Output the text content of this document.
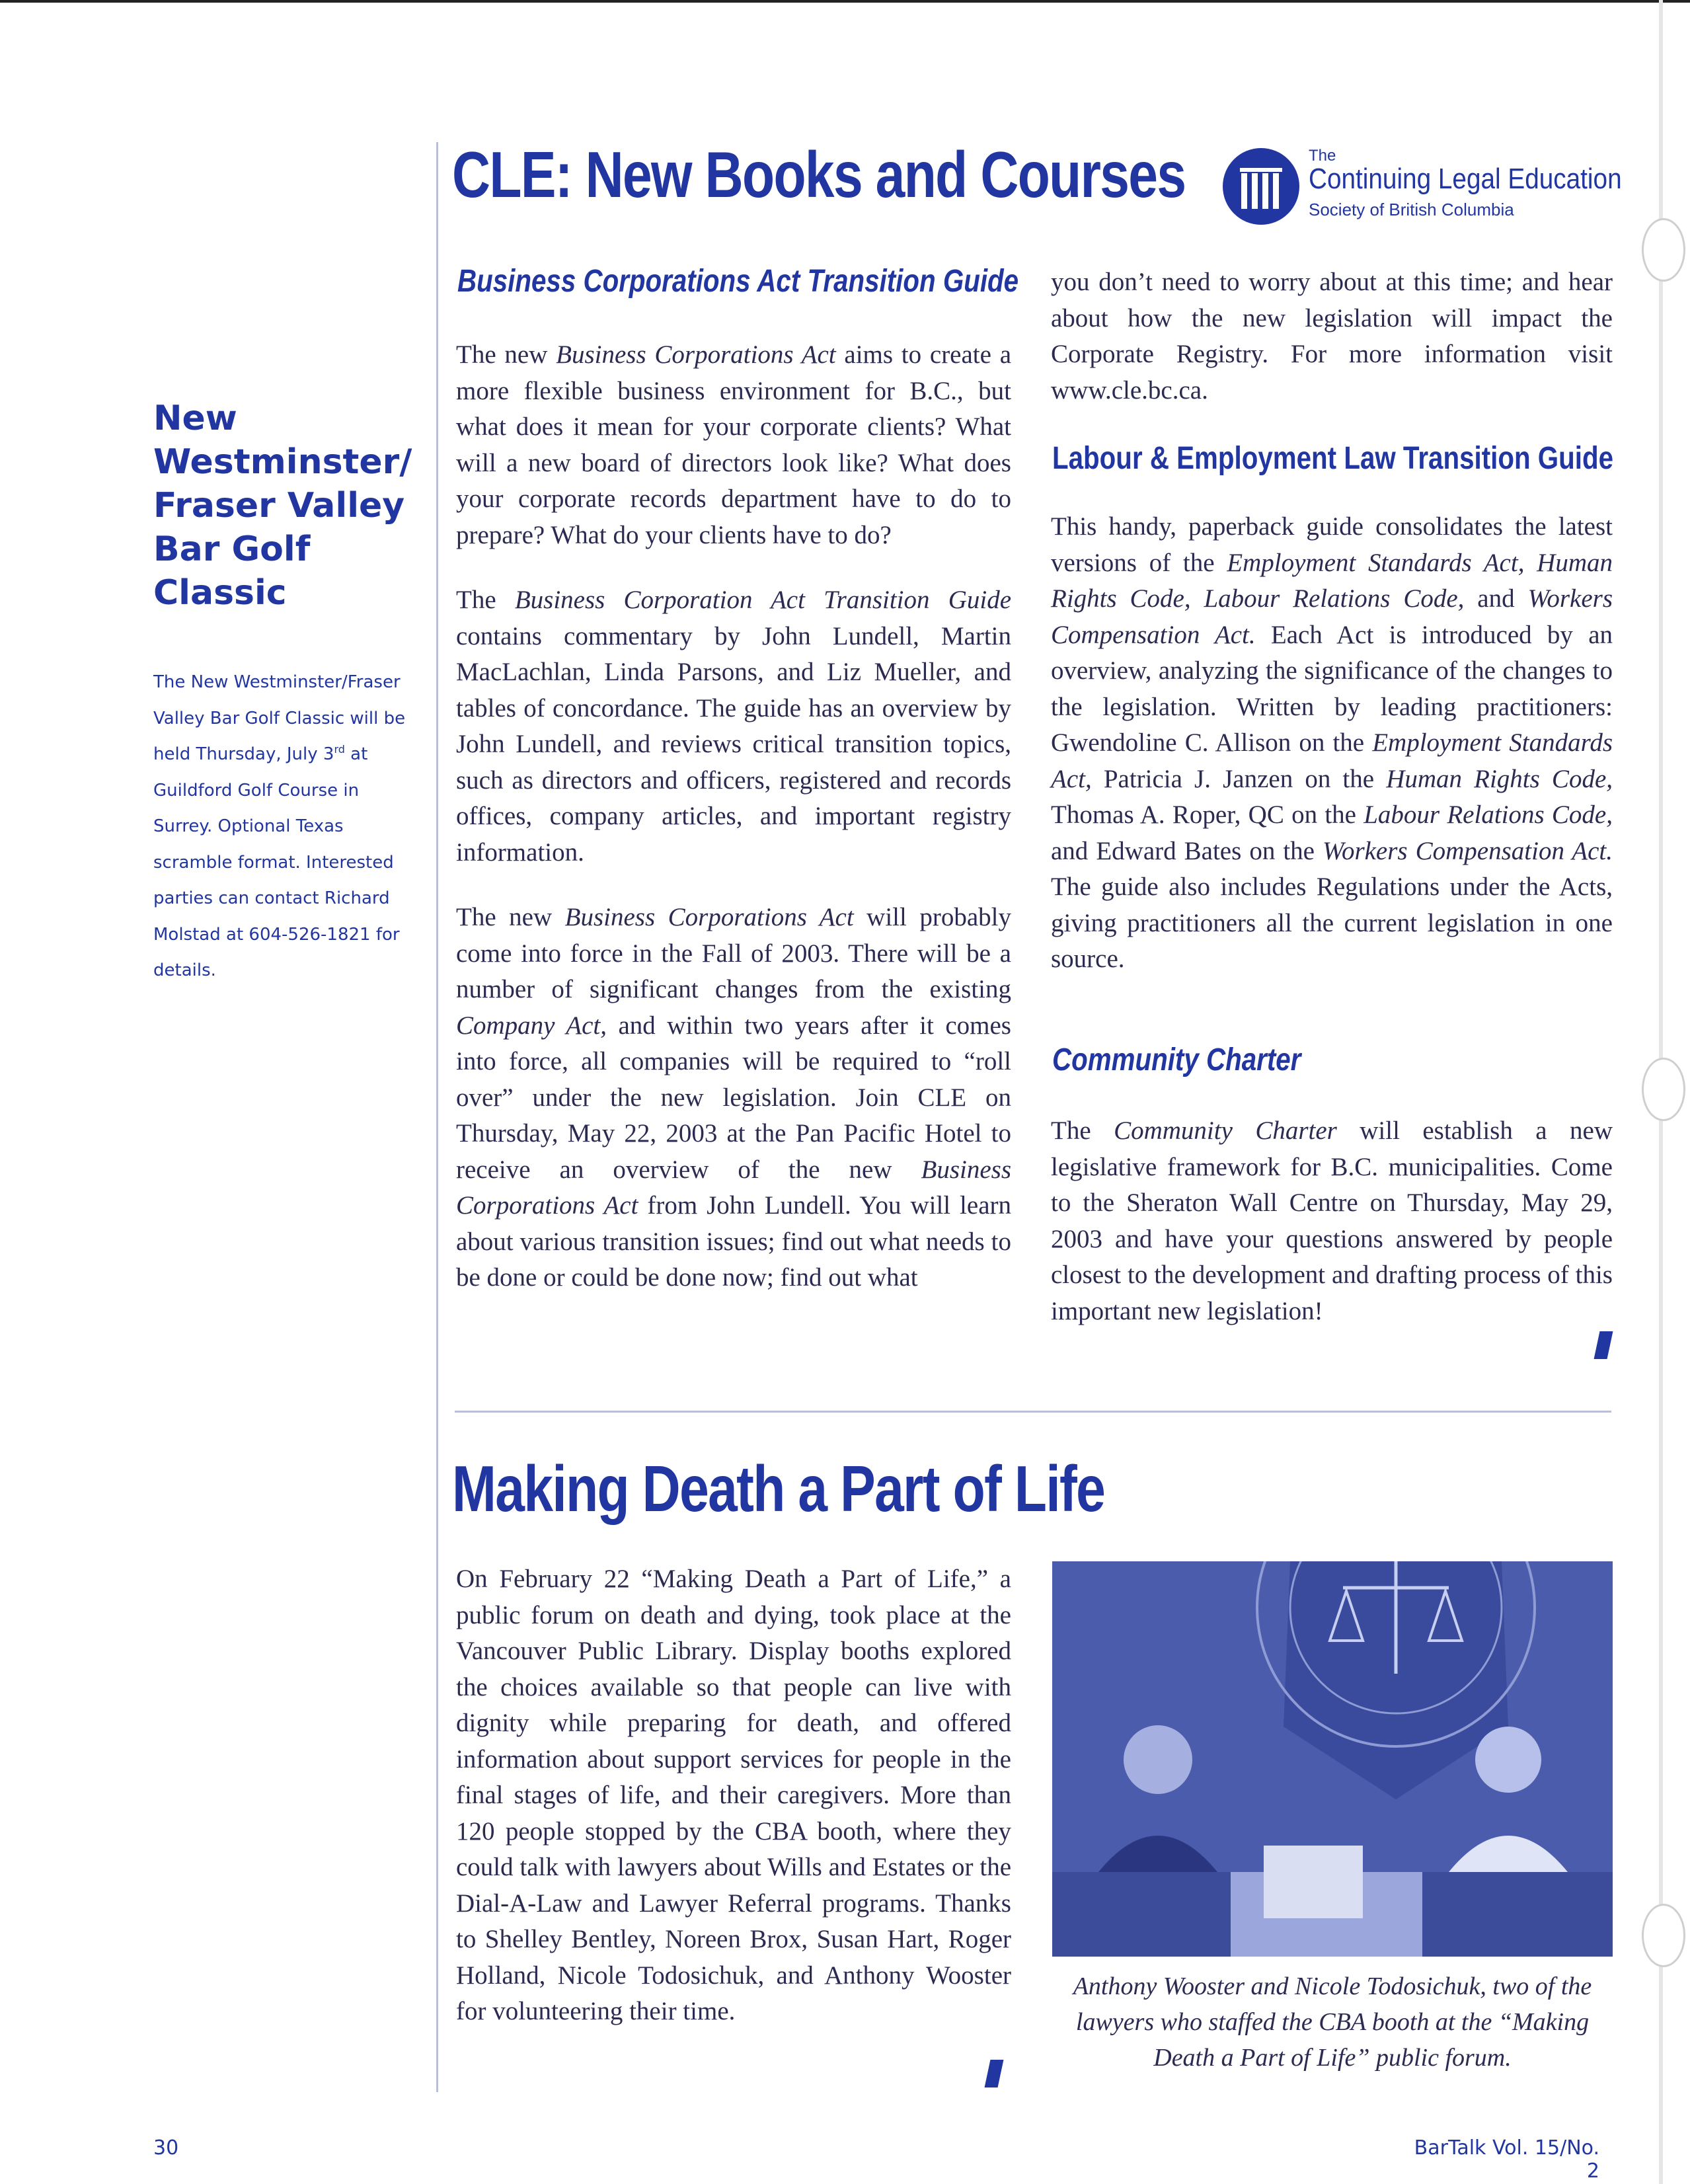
CLE: New Books and Courses	The
Continuing Legal Education
Society of British Columbia
New Westminster/ Fraser Valley Bar Golf Classic
The New Westminster/Fraser Valley Bar Golf Classic will be held Thursday, July 3rd at Guildford Golf Course in Surrey. Optional Texas scramble format. Interested parties can contact Richard Molstad at 604-526-1821 for details.
Business Corporations Act Transition Guide

The new Business Corporations Act aims to create a more flexible business environment for B.C., but what does it mean for your corporate clients? What will a new board of directors look like? What does your corporate records department have to do to prepare? What do your clients have to do?

The Business Corporation Act Transition Guide contains commentary by John Lundell, Martin MacLachlan, Linda Parsons, and Liz Mueller, and tables of concordance. The guide has an overview by John Lundell, and reviews critical transition topics, such as directors and officers, registered and records offices, company articles, and important registry information.

The new Business Corporations Act will probably come into force in the Fall of 2003. There will be a number of significant changes from the existing Company Act, and within two years after it comes into force, all companies will be required to “roll over” under the new legislation. Join CLE on Thursday, May 22, 2003 at the Pan Pacific Hotel to receive an overview of the new Business Corporations Act from John Lundell. You will learn about various transition issues; find out what needs to be done or could be done now; find out what

you don’t need to worry about at this time; and hear about how the new legislation will impact the Corporate Registry. For more information visit www.cle.bc.ca.
Labour & Employment Law Transition Guide
This handy, paperback guide consolidates the latest versions of the Employment Standards Act, Human Rights Code, Labour Relations Code, and Workers Compensation Act. Each Act is introduced by an overview, analyzing the significance of the changes to the legislation. Written by leading practitioners: Gwendoline C. Allison on the Employment Standards Act, Patricia J. Janzen on the Human Rights Code, Thomas A. Roper, QC on the Labour Relations Code, and Edward Bates on the Workers Compensation Act. The guide also includes Regulations under the Acts, giving practitioners all the current legislation in one source.
Community Charter
The Community Charter will establish a new legislative framework for B.C. municipalities. Come to the Sheraton Wall Centre on Thursday, May 29, 2003 and have your questions answered by people closest to the development and drafting process of this important new legislation!
Making Death a Part of Life
On February 22 “Making Death a Part of Life,” a public forum on death and dying, took place at the Vancouver Public Library. Display booths explored the choices available so that people can live with dignity while preparing for death, and offered information about support services for people in the final stages of life, and their caregivers. More than 120 people stopped by the CBA booth, where they could talk with lawyers about Wills and Estates or the Dial-A-Law and Lawyer Referral programs. Thanks to Shelley Bentley, Noreen Brox, Susan Hart, Roger Holland, Nicole Todosichuk, and Anthony Wooster for volunteering their time.
Anthony Wooster and Nicole Todosichuk, two of the lawyers who staffed the CBA booth at the “Making Death a Part of Life” public forum.
30	BarTalk Vol. 15/No. 2
